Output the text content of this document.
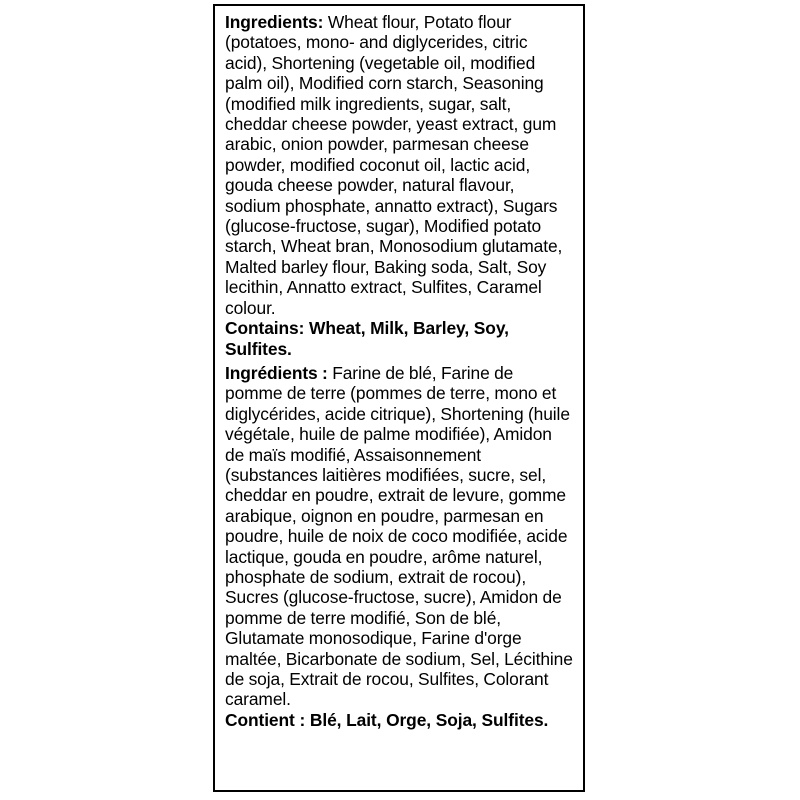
Ingredients: Wheat flour, Potato flour (potatoes, mono- and diglycerides, citric acid), Shortening (vegetable oil, modified palm oil), Modified corn starch, Seasoning (modified milk ingredients, sugar, salt, cheddar cheese powder, yeast extract, gum arabic, onion powder, parmesan cheese powder, modified coconut oil, lactic acid, gouda cheese powder, natural flavour, sodium phosphate, annatto extract), Sugars (glucose-fructose, sugar), Modified potato starch, Wheat bran, Monosodium glutamate, Malted barley flour, Baking soda, Salt, Soy lecithin, Annatto extract, Sulfites, Caramel colour.

Contains: Wheat, Milk, Barley, Soy, Sulfites.

Ingrédients : Farine de blé, Farine de pomme de terre (pommes de terre, mono et diglycérides, acide citrique), Shortening (huile végétale, huile de palme modifiée), Amidon de maïs modifié, Assaisonnement (substances laitières modifiées, sucre, sel, cheddar en poudre, extrait de levure, gomme arabique, oignon en poudre, parmesan en poudre, huile de noix de coco modifiée, acide lactique, gouda en poudre, arôme naturel, phosphate de sodium, extrait de rocou), Sucres (glucose-fructose, sucre), Amidon de pomme de terre modifié, Son de blé, Glutamate monosodique, Farine d'orge maltée, Bicarbonate de sodium, Sel, Lécithine de soja, Extrait de rocou, Sulfites, Colorant caramel.

Contient : Blé, Lait, Orge, Soja, Sulfites.
